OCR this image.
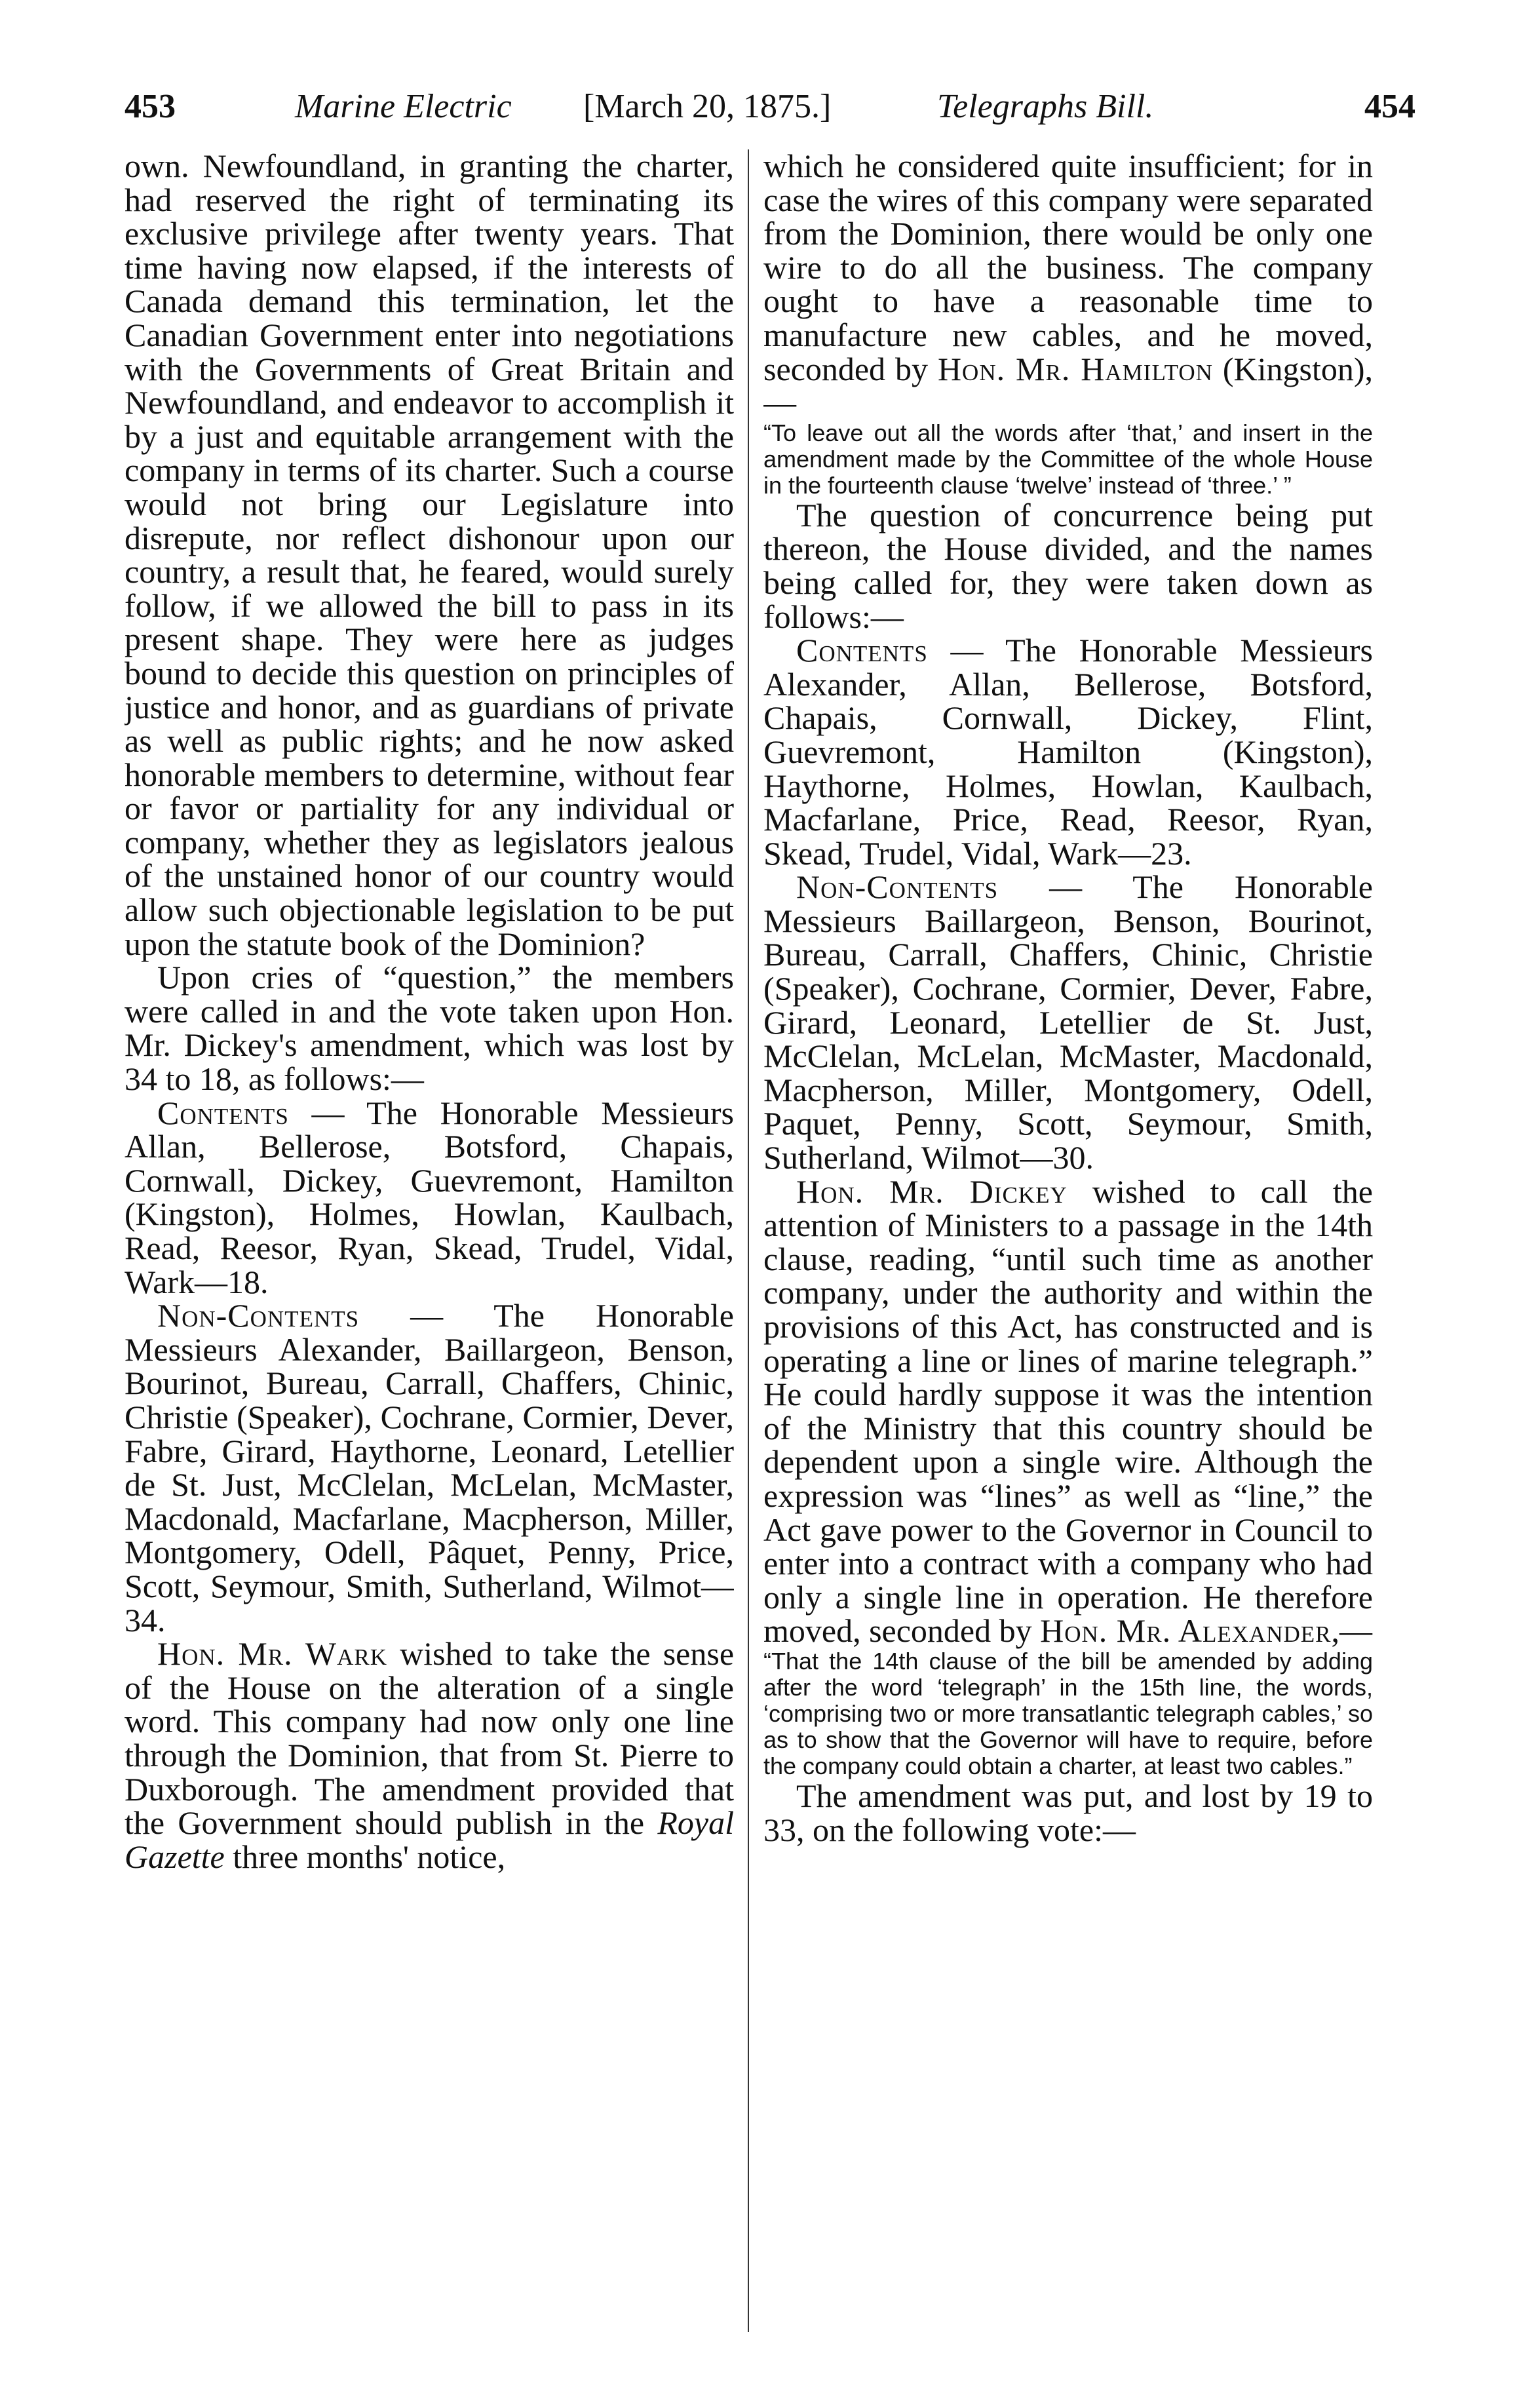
453	Marine Electric [March 20, 1875.]	Telegraphs Bill.	454

own. Newfoundland, in granting the charter, had reserved the right of terminating its exclusive privilege after twenty years. That time having now elapsed, if the interests of Canada demand this termination, let the Canadian Government enter into negotiations with the Governments of Great Britain and Newfoundland, and endeavor to accomplish it by a just and equitable arrangement with the company in terms of its charter. Such a course would not bring our Legislature into disrepute, nor reflect dishonour upon our country, a result that, he feared, would surely follow, if we allowed the bill to pass in its present shape. They were here as judges bound to decide this question on principles of justice and honor, and as guardians of private as well as public rights; and he now asked honorable members to determine, without fear or favor or partiality for any individual or company, whether they as legislators jealous of the unstained honor of our country would allow such objectionable legislation to be put upon the statute book of the Dominion?

Upon cries of “question,” the members were called in and the vote taken upon Hon. Mr. Dickey's amendment, which was lost by 34 to 18, as follows:—

Contents — The Honorable Messieurs Allan, Bellerose, Botsford, Chapais, Cornwall, Dickey, Guevremont, Hamilton (Kingston), Holmes, Howlan, Kaulbach, Read, Reesor, Ryan, Skead, Trudel, Vidal, Wark—18.

Non-Contents — The Honorable Messieurs Alexander, Baillargeon, Benson, Bourinot, Bureau, Carrall, Chaffers, Chinic, Christie (Speaker), Cochrane, Cormier, Dever, Fabre, Girard, Haythorne, Leonard, Letellier de St. Just, McClelan, McLelan, McMaster, Macdonald, Macfarlane, Macpherson, Miller, Montgomery, Odell, Pâquet, Penny, Price, Scott, Seymour, Smith, Sutherland, Wilmot—34.

Hon. Mr. Wark wished to take the sense of the House on the alteration of a single word. This company had now only one line through the Dominion, that from St. Pierre to Duxborough. The amendment provided that the Government should publish in the Royal Gazette three months' notice,

which he considered quite insufficient; for in case the wires of this company were separated from the Dominion, there would be only one wire to do all the business. The company ought to have a reasonable time to manufacture new cables, and he moved, seconded by Hon. Mr. Hamilton (Kingston),—

“To leave out all the words after ‘that,’ and insert in the amendment made by the Committee of the whole House in the fourteenth clause ‘twelve’ instead of ‘three.’ ”

The question of concurrence being put thereon, the House divided, and the names being called for, they were taken down as follows:—

Contents — The Honorable Messieurs Alexander, Allan, Bellerose, Botsford, Chapais, Cornwall, Dickey, Flint, Guevremont, Hamilton (Kingston), Haythorne, Holmes, Howlan, Kaulbach, Macfarlane, Price, Read, Reesor, Ryan, Skead, Trudel, Vidal, Wark—23.

Non-Contents — The Honorable Messieurs Baillargeon, Benson, Bourinot, Bureau, Carrall, Chaffers, Chinic, Christie (Speaker), Cochrane, Cormier, Dever, Fabre, Girard, Leonard, Letellier de St. Just, McClelan, McLelan, McMaster, Macdonald, Macpherson, Miller, Montgomery, Odell, Paquet, Penny, Scott, Seymour, Smith, Sutherland, Wilmot—30.

Hon. Mr. Dickey wished to call the attention of Ministers to a passage in the 14th clause, reading, “until such time as another company, under the authority and within the provisions of this Act, has constructed and is operating a line or lines of marine telegraph.” He could hardly suppose it was the intention of the Ministry that this country should be dependent upon a single wire. Although the expression was “lines” as well as “line,” the Act gave power to the Governor in Council to enter into a contract with a company who had only a single line in operation. He therefore moved, seconded by Hon. Mr. Alexander,—

“That the 14th clause of the bill be amended by adding after the word ‘telegraph’ in the 15th line, the words, ‘comprising two or more transatlantic telegraph cables,’ so as to show that the Governor will have to require, before the company could obtain a charter, at least two cables.”

The amendment was put, and lost by 19 to 33, on the following vote:—
